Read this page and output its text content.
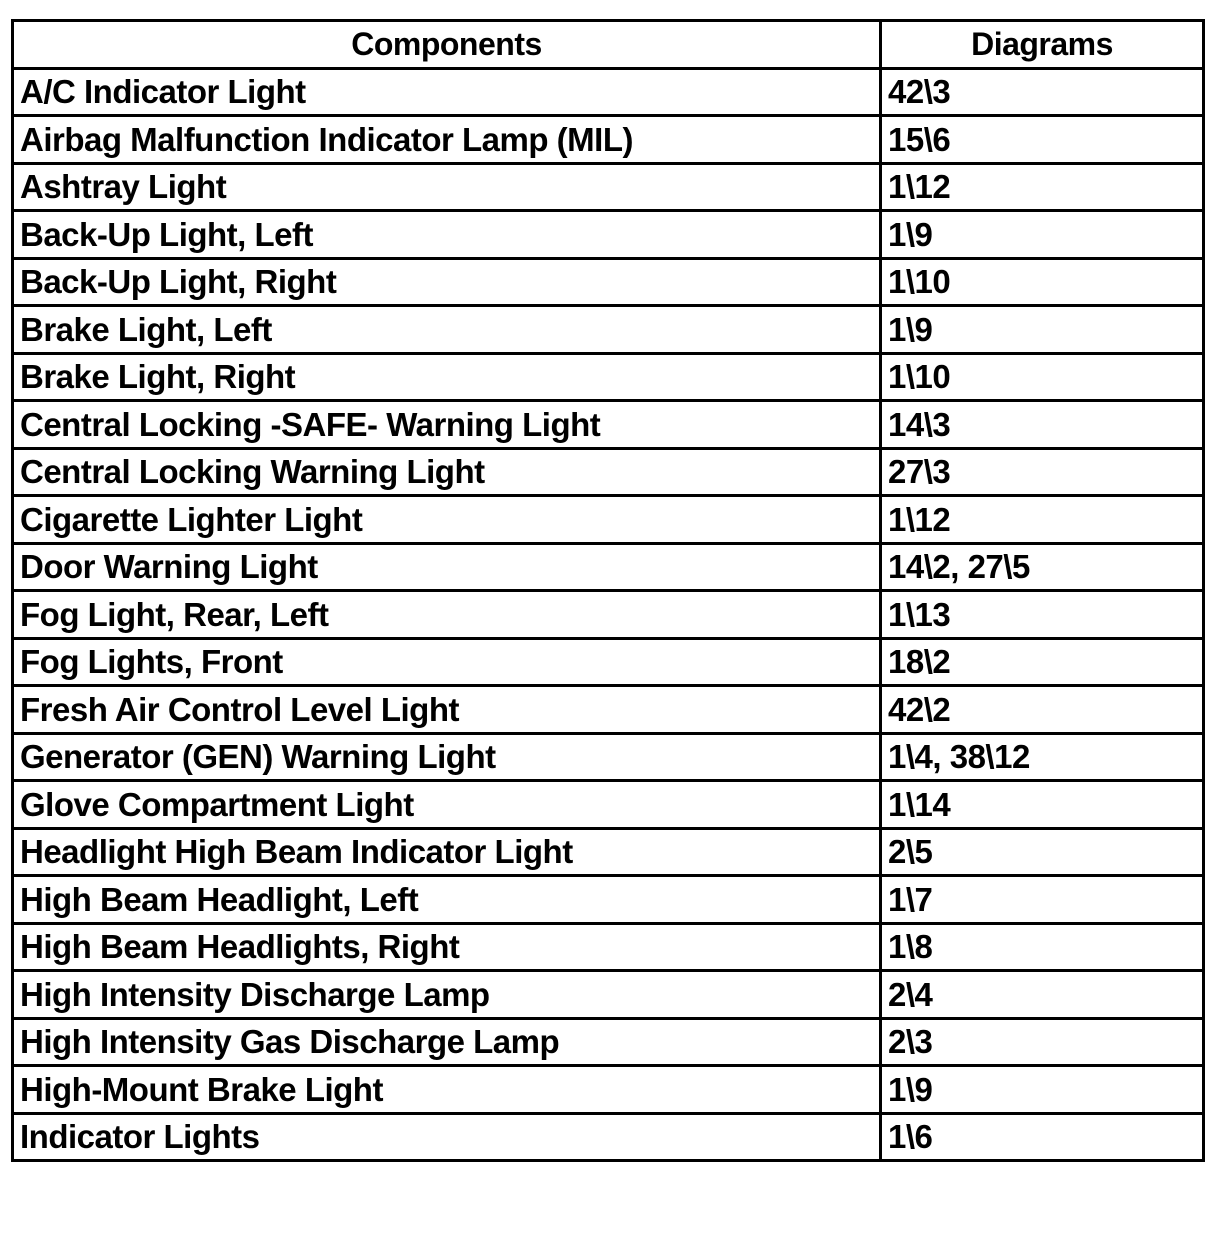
Components	Diagrams
A/C Indicator Light	42\3
Airbag Malfunction Indicator Lamp (MIL)	15\6
Ashtray Light	1\12
Back-Up Light, Left	1\9
Back-Up Light, Right	1\10
Brake Light, Left	1\9
Brake Light, Right	1\10
Central Locking -SAFE- Warning Light	14\3
Central Locking Warning Light	27\3
Cigarette Lighter Light	1\12
Door Warning Light	14\2, 27\5
Fog Light, Rear, Left	1\13
Fog Lights, Front	18\2
Fresh Air Control Level Light	42\2
Generator (GEN) Warning Light	1\4, 38\12
Glove Compartment Light	1\14
Headlight High Beam Indicator Light	2\5
High Beam Headlight, Left	1\7
High Beam Headlights, Right	1\8
High Intensity Discharge Lamp	2\4
High Intensity Gas Discharge Lamp	2\3
High-Mount Brake Light	1\9
Indicator Lights	1\6
